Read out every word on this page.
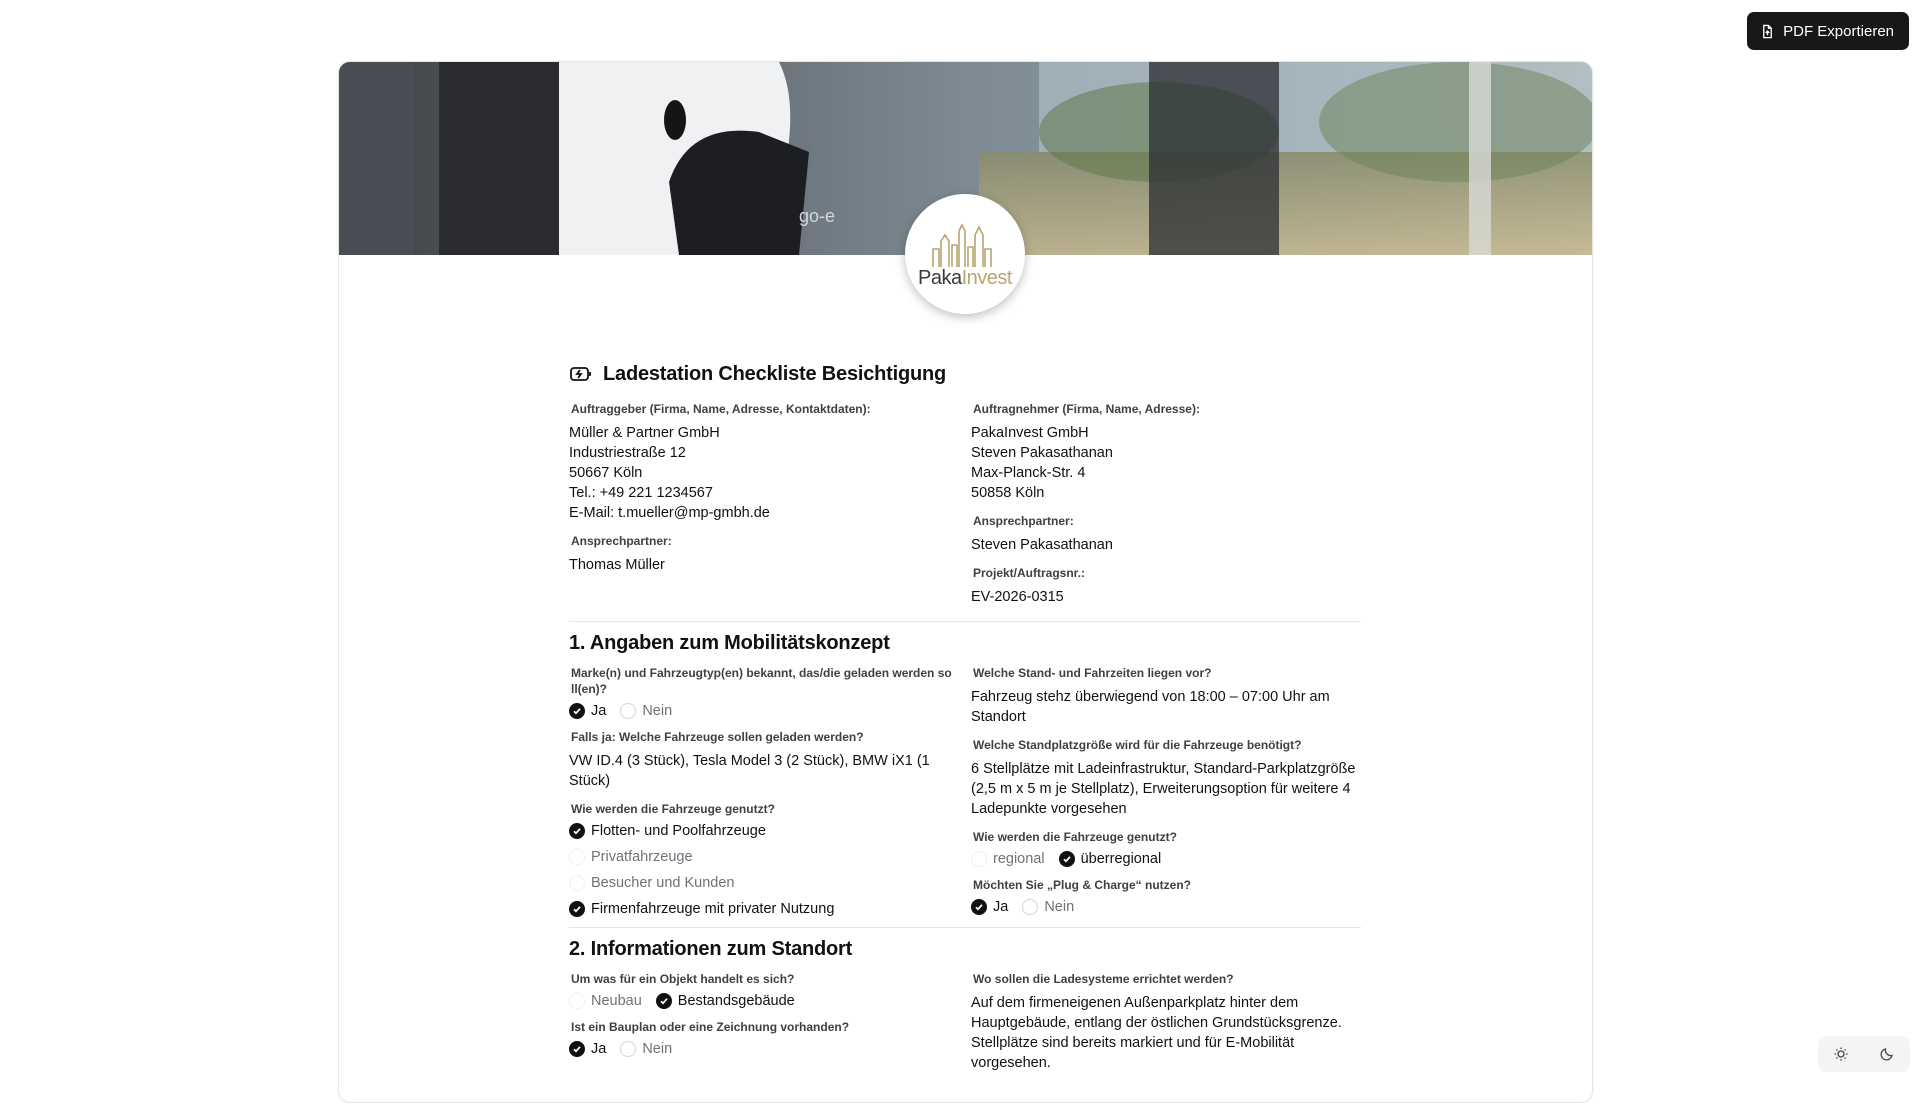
PDF Exportieren
go-e
PakaInvest
Ladestation Checkliste Besichtigung
Auftraggeber (Firma, Name, Adresse, Kontaktdaten):
Müller & Partner GmbH
Industriestraße 12
50667 Köln
Tel.: +49 221 1234567
E-Mail: t.mueller@mp-gmbh.de
Ansprechpartner:
Thomas Müller
Auftragnehmer (Firma, Name, Adresse):
PakaInvest GmbH
Steven Pakasathanan
Max-Planck-Str. 4
50858 Köln
Ansprechpartner:
Steven Pakasathanan
Projekt/Auftragsnr.:
EV-2026-0315
1. Angaben zum Mobilitätskonzept
Marke(n) und Fahrzeugtyp(en) bekannt, das/die geladen werden so ll(en)?
Ja Nein
Falls ja: Welche Fahrzeuge sollen geladen werden?
VW ID.4 (3 Stück), Tesla Model 3 (2 Stück), BMW iX1 (1 Stück)
Wie werden die Fahrzeuge genutzt?
Flotten- und Poolfahrzeuge
Privatfahrzeuge
Besucher und Kunden
Firmenfahrzeuge mit privater Nutzung
Welche Stand- und Fahrzeiten liegen vor?
Fahrzeug stehz überwiegend von 18:00 – 07:00 Uhr am Standort
Welche Standplatzgröße wird für die Fahrzeuge benötigt?
6 Stellplätze mit Ladeinfrastruktur, Standard-Parkplatzgröße (2,5 m x 5 m je Stellplatz), Erweiterungsoption für weitere 4 Ladepunkte vorgesehen
Wie werden die Fahrzeuge genutzt?
regional überregional
Möchten Sie „Plug & Charge“ nutzen?
Ja Nein
2. Informationen zum Standort
Um was für ein Objekt handelt es sich?
Neubau Bestandsgebäude
Ist ein Bauplan oder eine Zeichnung vorhanden?
Ja Nein
Wo sollen die Ladesysteme errichtet werden?
Auf dem firmeneigenen Außenparkplatz hinter dem Hauptgebäude, entlang der östlichen Grundstücksgrenze. Stellplätze sind bereits markiert und für E-Mobilität vorgesehen.
